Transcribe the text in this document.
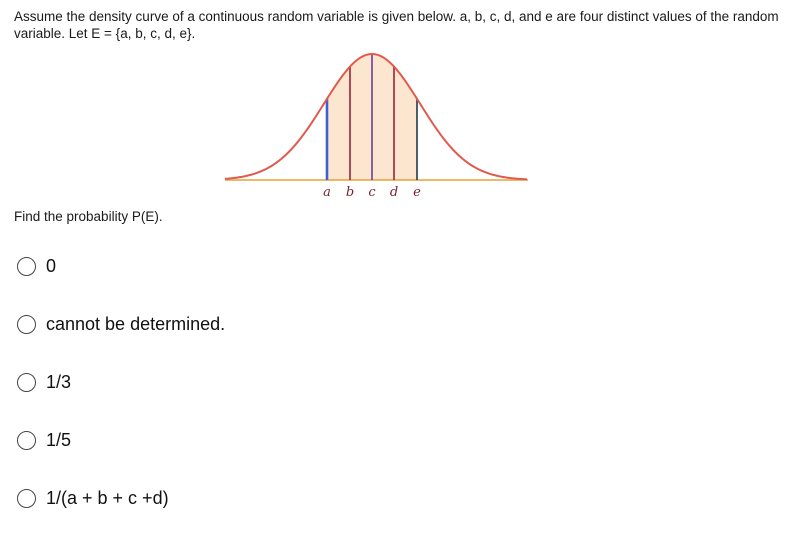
Assume the density curve of a continuous random variable is given below. a, b, c, d, and e are four distinct values of the random variable. Let E = {a, b, c, d, e}.
a b c d e
Find the probability P(E).
0
cannot be determined.
1/3
1/5
1/(a + b + c +d)
